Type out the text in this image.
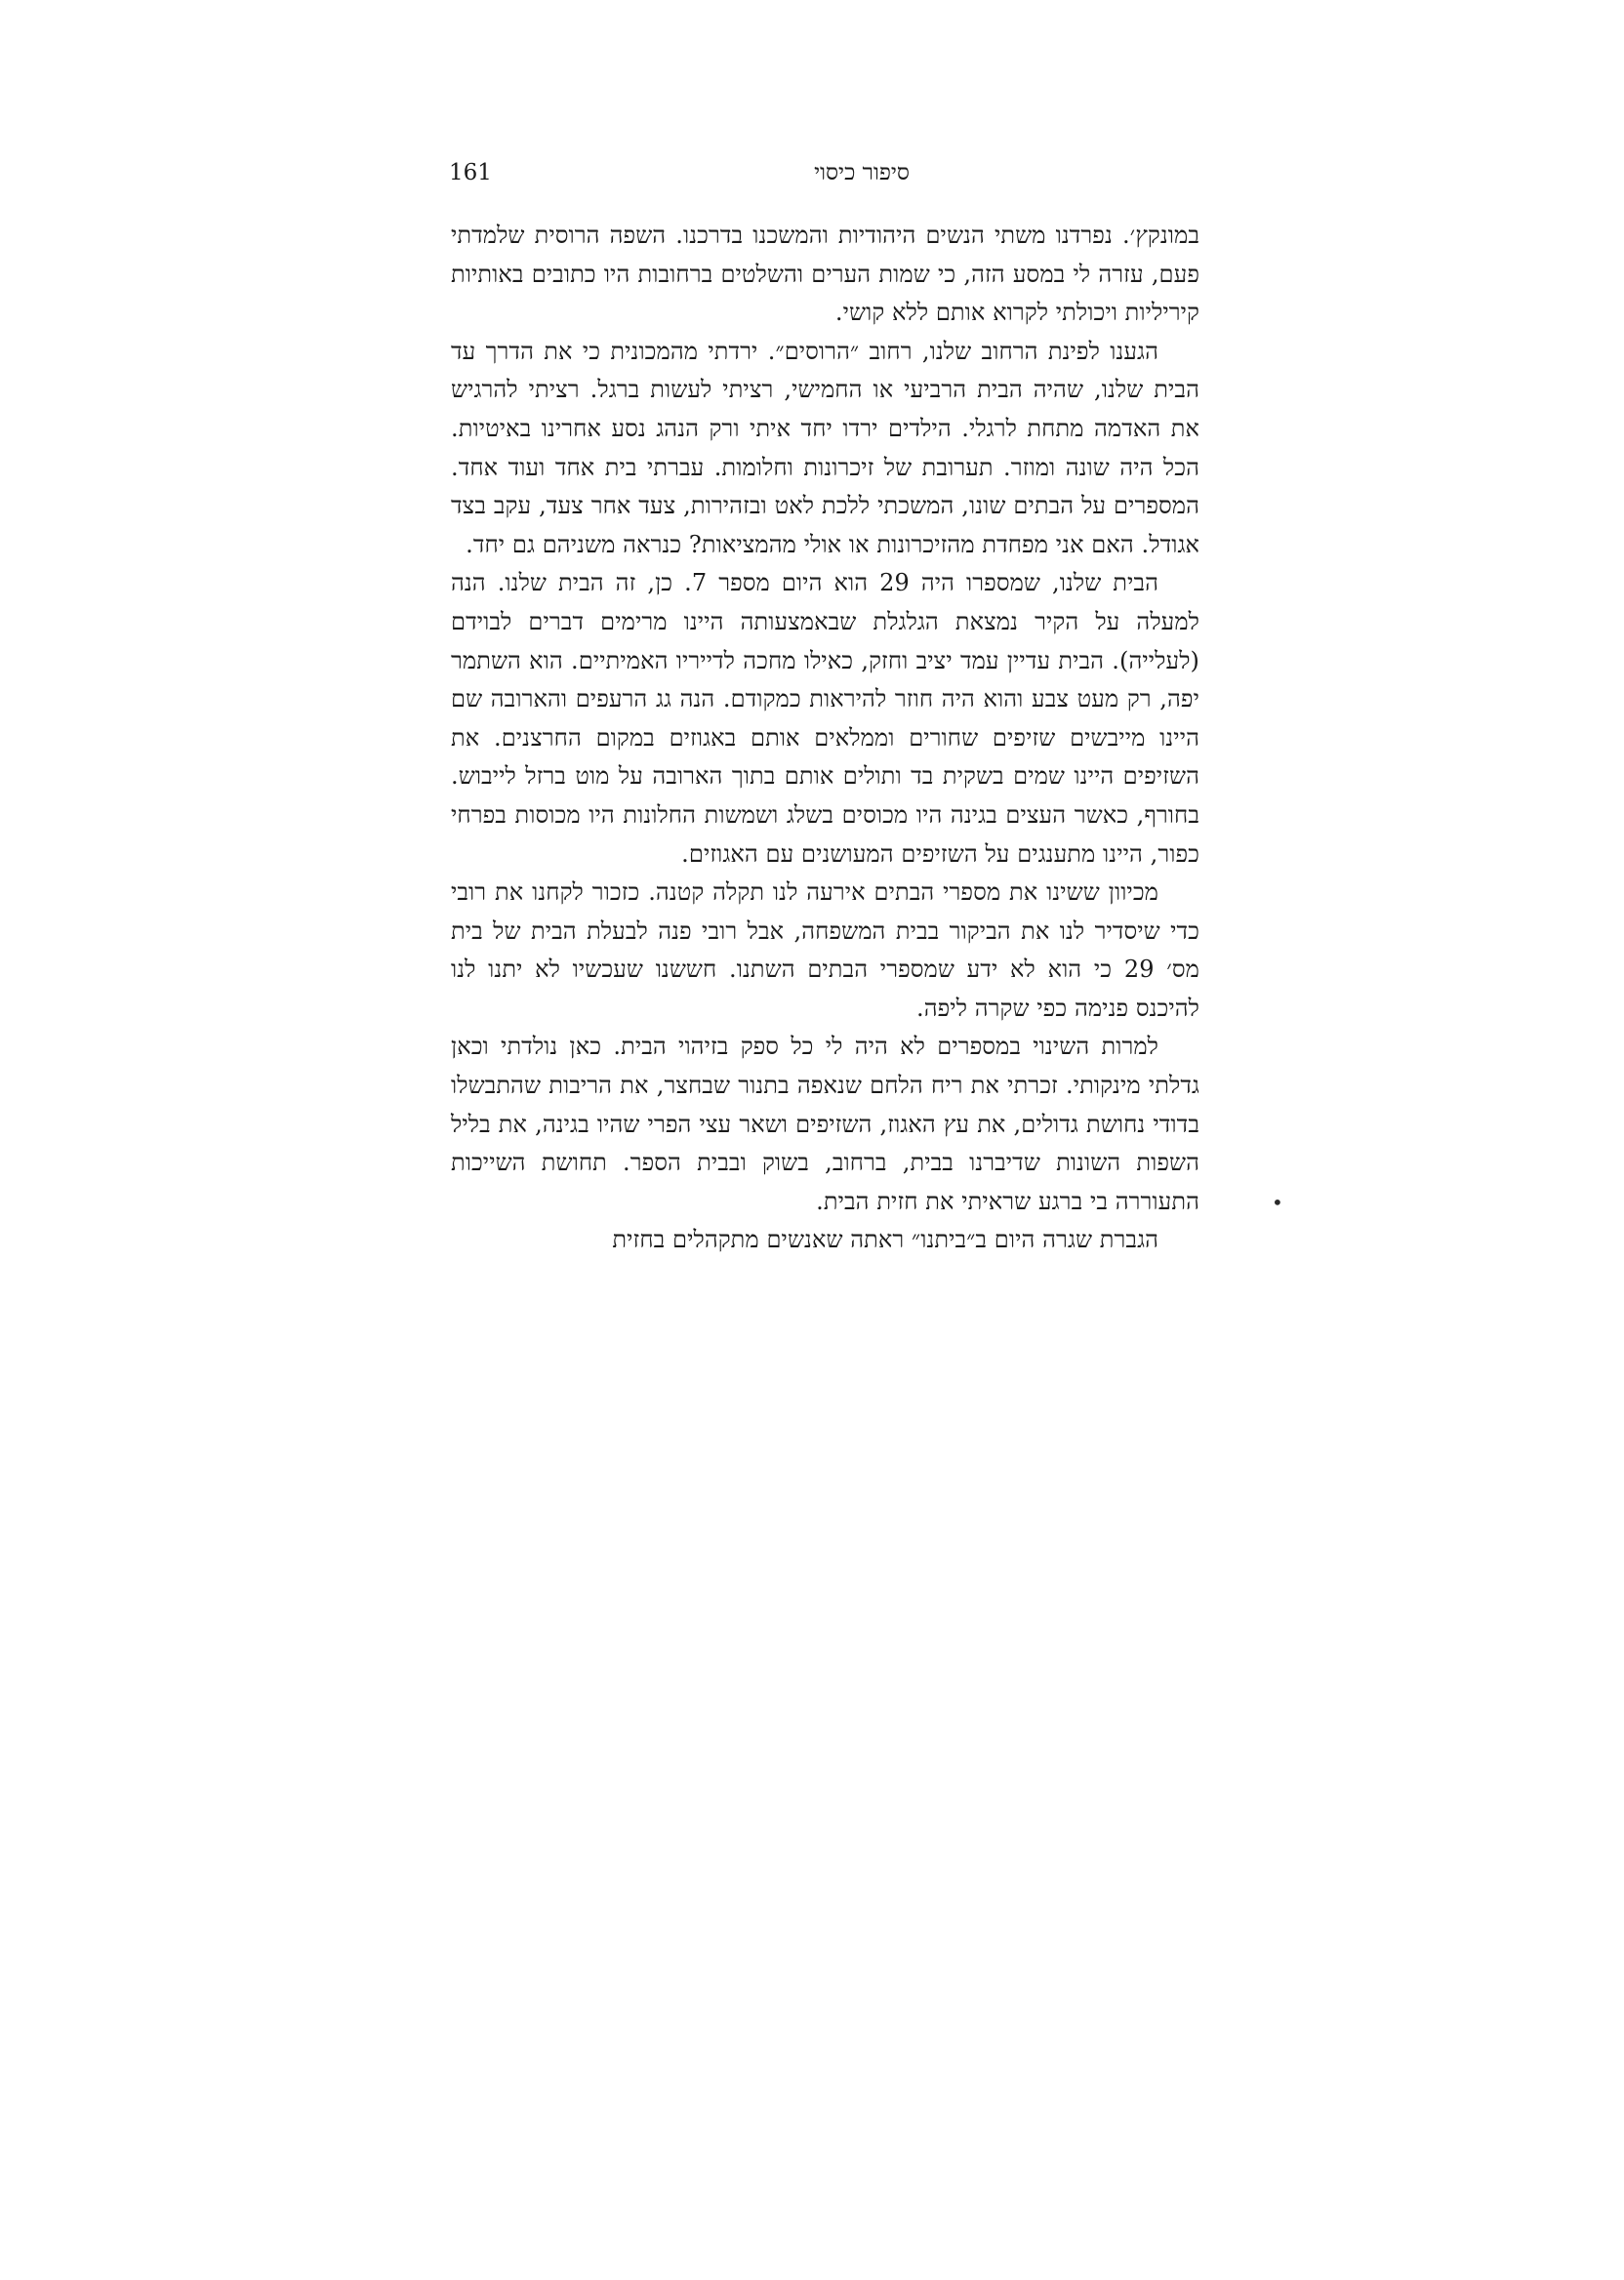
161	סיפור כיסוי

במונקץ׳. נפרדנו משתי הנשים היהודיות והמשכנו בדרכנו. השפה הרוסית שלמדתי פעם, עזרה לי במסע הזה, כי שמות הערים והשלטים ברחובות היו כתובים באותיות קיריליות ויכולתי לקרוא אותם ללא קושי.

הגענו לפינת הרחוב שלנו, רחוב ״הרוסים״. ירדתי מהמכונית כי את הדרך עד הבית שלנו, שהיה הבית הרביעי או החמישי, רציתי לעשות ברגל. רציתי להרגיש את האדמה מתחת לרגלי. הילדים ירדו יחד איתי ורק הנהג נסע אחרינו באיטיות. הכל היה שונה ומוזר. תערובת של זיכרונות וחלומות. עברתי בית אחד ועוד אחד. המספרים על הבתים שונו, המשכתי ללכת לאט ובזהירות, צעד אחר צעד, עקב בצד אגודל. האם אני מפחדת מהזיכרונות או אולי מהמציאות? כנראה משניהם גם יחד.

הבית שלנו, שמספרו היה 29 הוא היום מספר 7. כן, זה הבית שלנו. הנה למעלה על הקיר נמצאת הגלגלת שבאמצעותה היינו מרימים דברים לבוידם (לעלייה). הבית עדיין עמד יציב וחזק, כאילו מחכה לדייריו האמיתיים. הוא השתמר יפה, רק מעט צבע והוא היה חוזר להיראות כמקודם. הנה גג הרעפים והארובה שם היינו מייבשים שזיפים שחורים וממלאים אותם באגוזים במקום החרצנים. את השזיפים היינו שמים בשקית בד ותולים אותם בתוך הארובה על מוט ברזל לייבוש. בחורף, כאשר העצים בגינה היו מכוסים בשלג ושמשות החלונות היו מכוסות בפרחי כפור, היינו מתענגים על השזיפים המעושנים עם האגוזים.

מכיוון ששינו את מספרי הבתים אירעה לנו תקלה קטנה. כזכור לקחנו את רובי כדי שיסדיר לנו את הביקור בבית המשפחה, אבל רובי פנה לבעלת הבית של בית מס׳ 29 כי הוא לא ידע שמספרי הבתים השתנו. חששנו שעכשיו לא יתנו לנו להיכנס פנימה כפי שקרה ליפה.

למרות השינוי במספרים לא היה לי כל ספק בזיהוי הבית. כאן נולדתי וכאן גדלתי מינקותי. זכרתי את ריח הלחם שנאפה בתנור שבחצר, את הריבות שהתבשלו בדודי נחושת גדולים, את עץ האגוז, השזיפים ושאר עצי הפרי שהיו בגינה, את בליל השפות השונות שדיברנו בבית, ברחוב, בשוק ובבית הספר. תחושת השייכות התעוררה בי ברגע שראיתי את חזית הבית.

הגברת שגרה היום ב״ביתנו״ ראתה שאנשים מתקהלים בחזית

•
